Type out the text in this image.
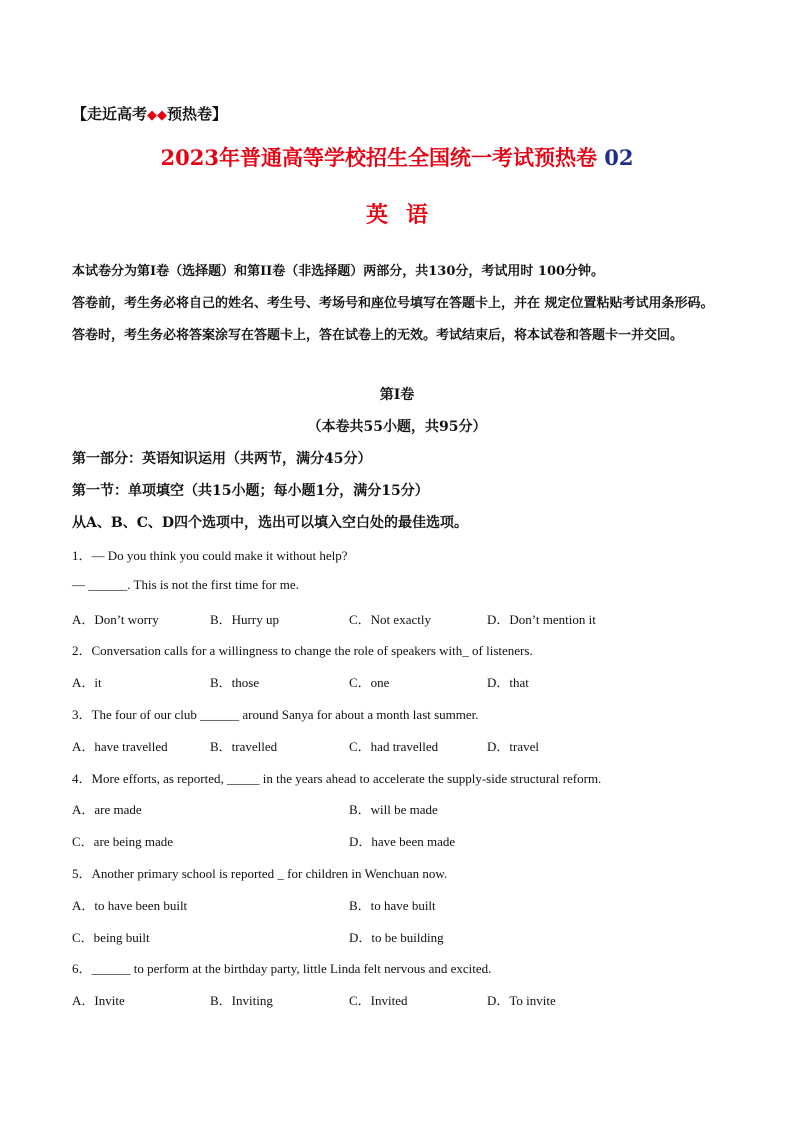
【走近高考◆◆预热卷】
2023年普通高等学校招生全国统一考试预热卷 02
英语
本试卷分为第I卷（选择题）和第II卷（非选择题）两部分，共130分，考试用时 100分钟。
答卷前，考生务必将自己的姓名、考生号、考场号和座位号填写在答题卡上，并在 规定位置粘贴考试用条形码。答卷时，考生务必将答案涂写在答题卡上，答在试卷上的无效。考试结束后，将本试卷和答题卡一并交回。
第I卷
（本卷共55小题，共95分）
第一部分：英语知识运用（共两节，满分45分）
第一节：单项填空（共15小题；每小题1分，满分15分）
从A、B、C、D四个选项中，选出可以填入空白处的最佳选项。
1．— Do you think you could make it without help?
— ______. This is not the first time for me.
A．Don’t worry	B．Hurry up	C．Not exactly	D．Don’t mention it
2．Conversation calls for a willingness to change the role of speakers with_ of listeners.
A．it	B．those	C．one	D．that
3．The four of our club ______ around Sanya for about a month last summer.
A．have travelled	B．travelled	C．had travelled	D．travel
4．More efforts, as reported, _____ in the years ahead to accelerate the supply-side structural reform.
A．are made	B．will be made
C．are being made	D．have been made
5．Another primary school is reported _ for children in Wenchuan now.
A．to have been built	B．to have built
C．being built	D．to be building
6．______ to perform at the birthday party, little Linda felt nervous and excited.
A．Invite	B．Inviting	C．Invited	D．To invite
